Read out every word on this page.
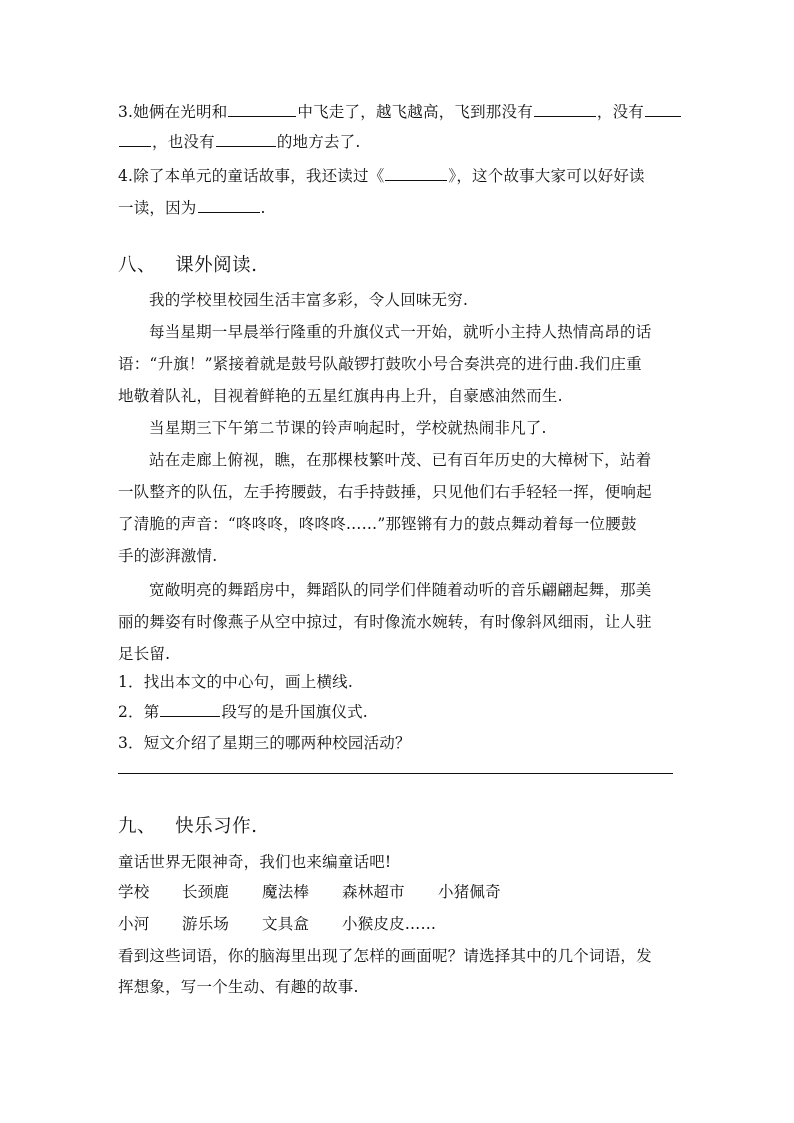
3.她俩在光明和	中飞走了，越飞越高，飞到那没有	，没有
，也没有	的地方去了.
4.除了本单元的童话故事，我还读过《	》，这个故事大家可以好好读
一读，因为	.
八、 课外阅读.
我的学校里校园生活丰富多彩，令人回味无穷.
每当星期一早晨举行隆重的升旗仪式一开始，就听小主持人热情高昂的话
语：“升旗！”紧接着就是鼓号队敲锣打鼓吹小号合奏洪亮的进行曲.我们庄重
地敬着队礼，目视着鲜艳的五星红旗冉冉上升，自豪感油然而生.
当星期三下午第二节课的铃声响起时，学校就热闹非凡了.
站在走廊上俯视，瞧，在那棵枝繁叶茂、已有百年历史的大樟树下，站着
一队整齐的队伍，左手挎腰鼓，右手持鼓捶，只见他们右手轻轻一挥，便响起
了清脆的声音：“咚咚咚，咚咚咚……”那铿锵有力的鼓点舞动着每一位腰鼓
手的澎湃激情.
宽敞明亮的舞蹈房中，舞蹈队的同学们伴随着动听的音乐翩翩起舞，那美
丽的舞姿有时像燕子从空中掠过，有时像流水婉转，有时像斜风细雨，让人驻
足长留.
1．找出本文的中心句，画上横线.
2．第	段写的是升国旗仪式.
3．短文介绍了星期三的哪两种校园活动？
九、 快乐习作.
童话世界无限神奇，我们也来编童话吧!
学校 长颈鹿 魔法棒 森林超市 小猪佩奇
小河 游乐场 文具盒 小猴皮皮……
看到这些词语，你的脑海里出现了怎样的画面呢？请选择其中的几个词语，发
挥想象，写一个生动、有趣的故事.
